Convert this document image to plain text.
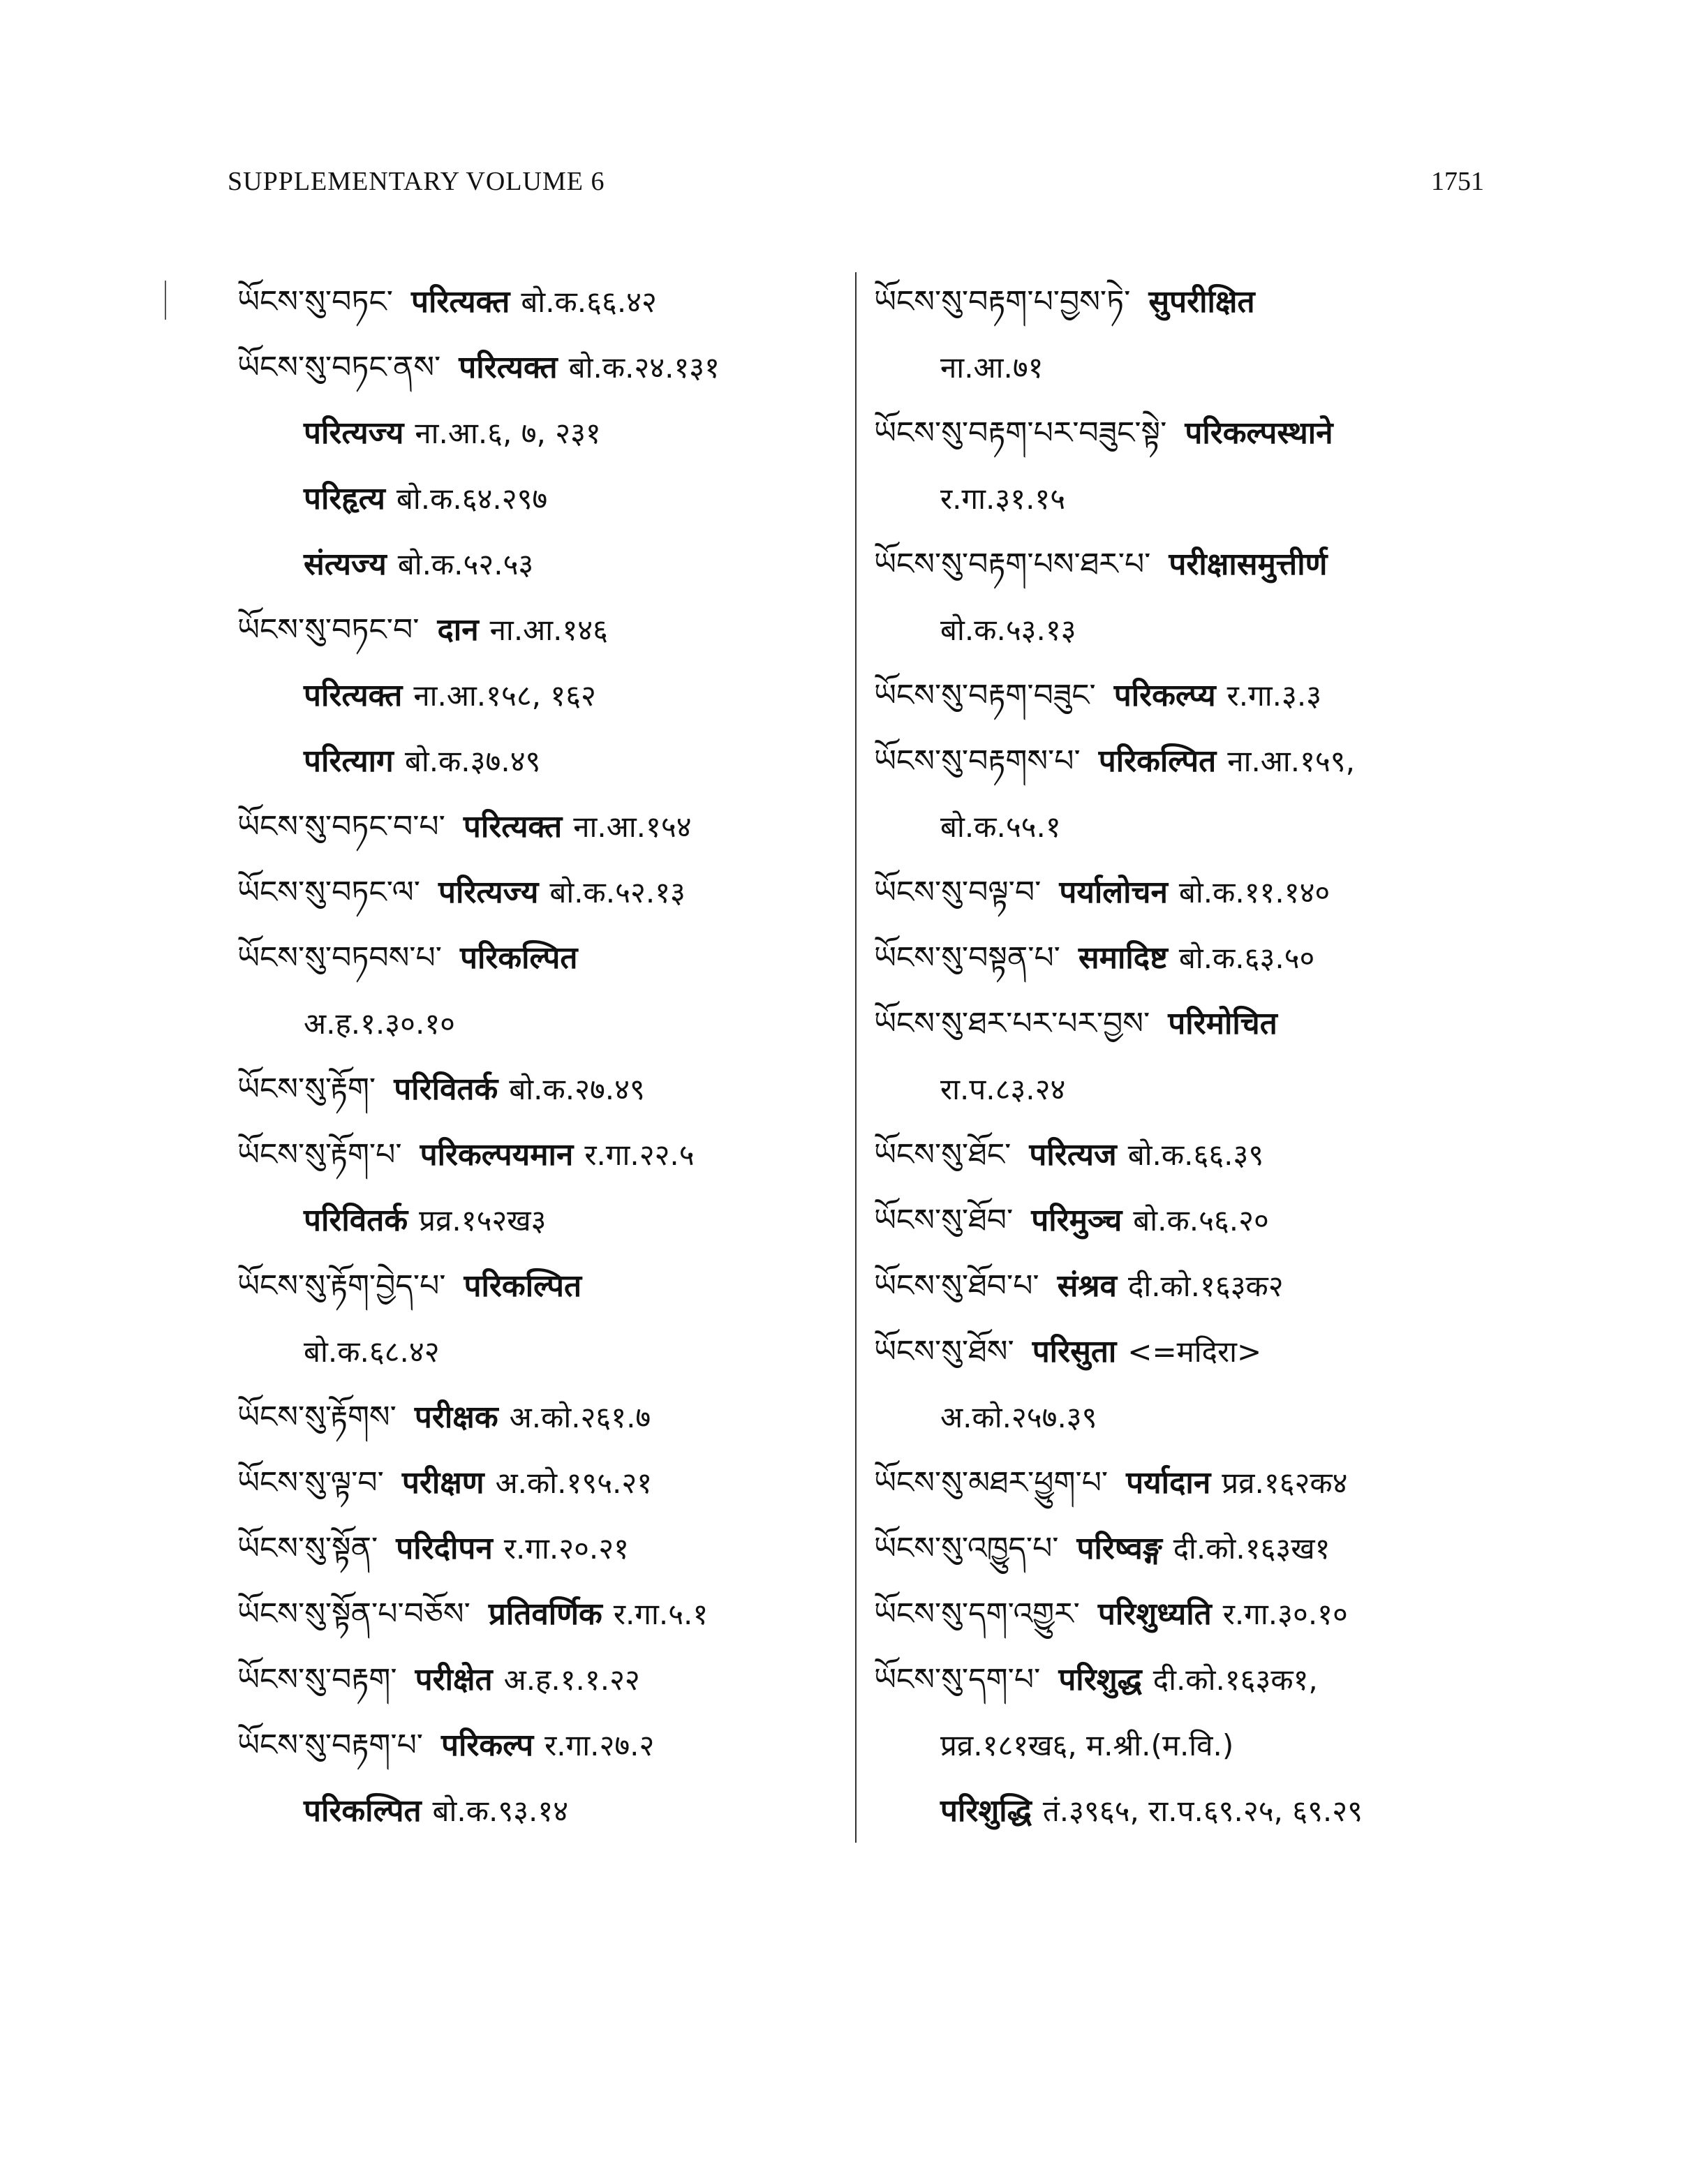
SUPPLEMENTARY VOLUME 6	1751
ཡོངས་སུ་བཏང་ परित्यक्त बो.क.६६.४२
ཡོངས་སུ་བཏང་ནས་ परित्यक्त बो.क.२४.१३१
परित्यज्य ना.आ.६, ७, २३१
परिहृत्य बो.क.६४.२९७
संत्यज्य बो.क.५२.५३
ཡོངས་སུ་བཏང་བ་ दान ना.आ.१४६
परित्यक्त ना.आ.१५८, १६२
परित्याग बो.क.३७.४९
ཡོངས་སུ་བཏང་བ་པ་ परित्यक्त ना.आ.१५४
ཡོངས་སུ་བཏང་ལ་ परित्यज्य बो.क.५२.१३
ཡོངས་སུ་བཏབས་པ་ परिकल्पित
अ.ह.१.३०.१०
ཡོངས་སུ་རྟོག་ परिवितर्क बो.क.२७.४९
ཡོངས་སུ་རྟོག་པ་ परिकल्पयमान र.गा.२२.५
परिवितर्क प्रव्र.१५२ख३
ཡོངས་སུ་རྟོག་བྱེད་པ་ परिकल्पित
बो.क.६८.४२
ཡོངས་སུ་རྟོགས་ परीक्षक अ.को.२६१.७
ཡོངས་སུ་ལྟ་བ་ परीक्षण अ.को.१९५.२१
ཡོངས་སུ་སྟོན་ परिदीपन र.गा.२०.२१
ཡོངས་སུ་སྟོན་པ་བཅོས་ प्रतिवर्णिक र.गा.५.१
ཡོངས་སུ་བརྟག་ परीक्षेत अ.ह.१.१.२२
ཡོངས་སུ་བརྟག་པ་ परिकल्प र.गा.२७.२
परिकल्पित बो.क.९३.१४
ཡོངས་སུ་བརྟག་པ་བྱས་ཏེ་ सुपरीक्षित
ना.आ.७१
ཡོངས་སུ་བརྟག་པར་བཟུང་སྟེ་ परिकल्पस्थाने
र.गा.३१.१५
ཡོངས་སུ་བརྟག་པས་ཐར་པ་ परीक्षासमुत्तीर्ण
बो.क.५३.१३
ཡོངས་སུ་བརྟག་བཟུང་ परिकल्प्य र.गा.३.३
ཡོངས་སུ་བརྟགས་པ་ परिकल्पित ना.आ.१५९,
बो.क.५५.१
ཡོངས་སུ་བལྟ་བ་ पर्यालोचन बो.क.११.१४०
ཡོངས་སུ་བསྟན་པ་ समादिष्ट बो.क.६३.५०
ཡོངས་སུ་ཐར་པར་པར་བྱས་ परिमोचित
रा.प.८३.२४
ཡོངས་སུ་ཐོང་ परित्यज बो.क.६६.३९
ཡོངས་སུ་ཐོབ་ परिमुञ्च बो.क.५६.२०
ཡོངས་སུ་ཐོབ་པ་ संश्रव दी.को.१६३क२
ཡོངས་སུ་ཐོས་ परिसुता <=मदिरा>
अ.को.२५७.३९
ཡོངས་སུ་མཐར་ཕྱུག་པ་ पर्यादान प्रव्र.१६२क४
ཡོངས་སུ་འཁྱུད་པ་ परिष्वङ्ग दी.को.१६३ख१
ཡོངས་སུ་དག་འགྱུར་ परिशुध्यति र.गा.३०.१०
ཡོངས་སུ་དག་པ་ परिशुद्ध दी.को.१६३क१,
प्रव्र.१८१ख६, म.श्री.(म.वि.)
परिशुद्धि तं.३९६५, रा.प.६९.२५, ६९.२९
